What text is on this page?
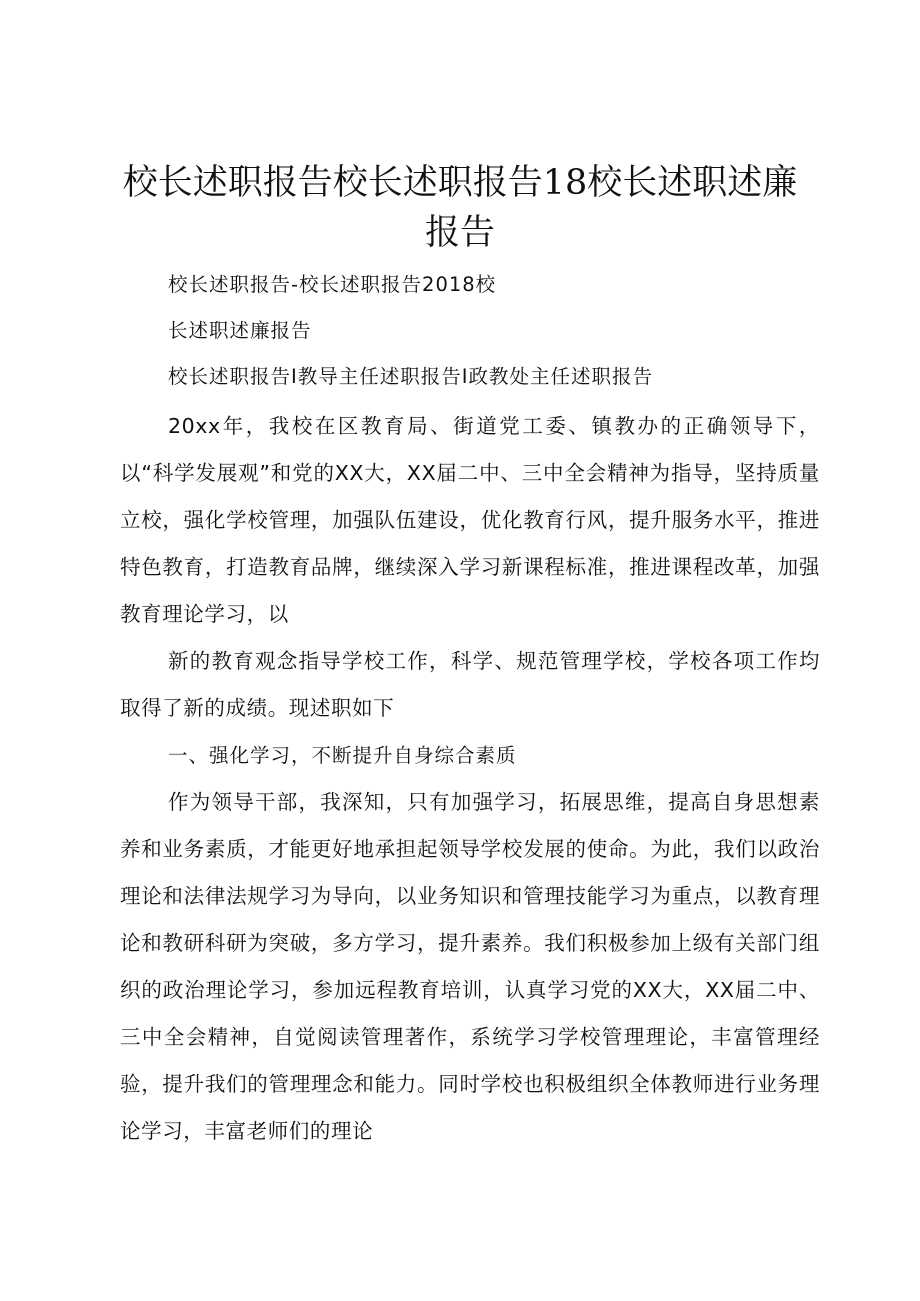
校长述职报告校长述职报告18校长述职述廉报告

校长述职报告-校长述职报告2018校

长述职述廉报告

校长述职报告I教导主任述职报告I政教处主任述职报告

20xx年，我校在区教育局、街道党工委、镇教办的正确领导下，以“科学发展观”和党的XX大，XX届二中、三中全会精神为指导，坚持质量立校，强化学校管理，加强队伍建设，优化教育行风，提升服务水平，推进特色教育，打造教育品牌，继续深入学习新课程标准，推进课程改革，加强教育理论学习，以

新的教育观念指导学校工作，科学、规范管理学校，学校各项工作均取得了新的成绩。现述职如下

一、强化学习，不断提升自身综合素质

作为领导干部，我深知，只有加强学习，拓展思维，提高自身思想素养和业务素质，才能更好地承担起领导学校发展的使命。为此，我们以政治理论和法律法规学习为导向，以业务知识和管理技能学习为重点，以教育理论和教研科研为突破，多方学习，提升素养。我们积极参加上级有关部门组织的政治理论学习，参加远程教育培训，认真学习党的XX大，XX届二中、三中全会精神，自觉阅读管理著作，系统学习学校管理理论，丰富管理经验，提升我们的管理理念和能力。同时学校也积极组织全体教师进行业务理论学习，丰富老师们的理论
